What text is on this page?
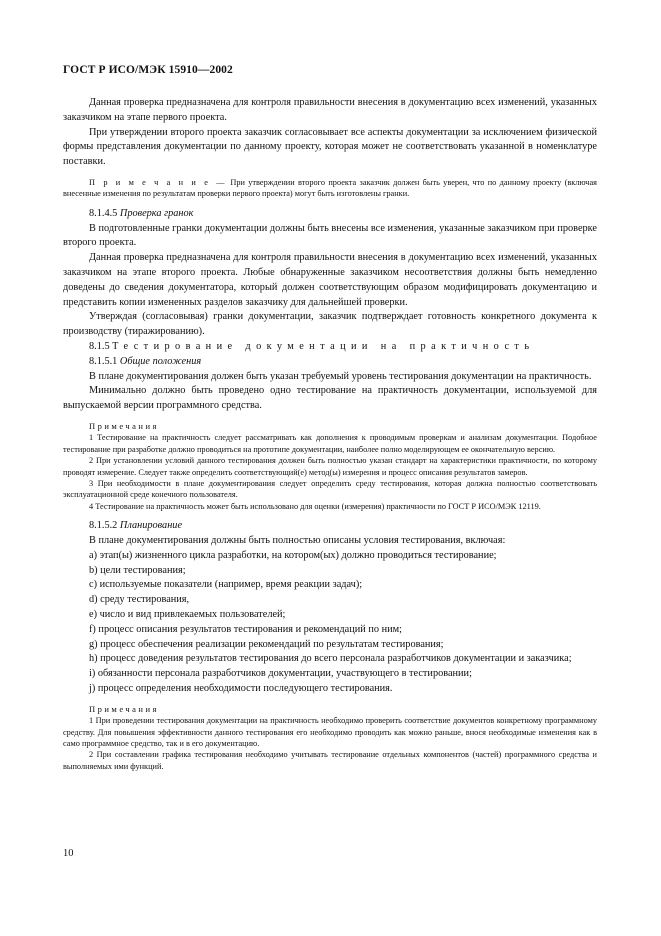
ГОСТ Р ИСО/МЭК 15910—2002

Данная проверка предназначена для контроля правильности внесения в документацию всех изменений, указанных заказчиком на этапе первого проекта.

При утверждении второго проекта заказчик согласовывает все аспекты документации за исключением физической формы представления документации по данному проекту, которая может не соответствовать указанной в номенклатуре поставки.

П р и м е ч а н и е — При утверждении второго проекта заказчик должен быть уверен, что по данному проекту (включая внесенные изменения по результатам проверки первого проекта) могут быть изготовлены гранки.

8.1.4.5 Проверка гранок

В подготовленные гранки документации должны быть внесены все изменения, указанные заказчиком при проверке второго проекта.

Данная проверка предназначена для контроля правильности внесения в документацию всех изменений, указанных заказчиком на этапе второго проекта. Любые обнаруженные заказчиком несоответствия должны быть немедленно доведены до сведения документатора, который должен соответствующим образом модифицировать документацию и представить копии измененных разделов заказчику для дальнейшей проверки.

Утверждая (согласовывая) гранки документации, заказчик подтверждает готовность конкретного документа к производству (тиражированию).

8.1.5 Тестирование документации на практичность

8.1.5.1 Общие положения

В плане документирования должен быть указан требуемый уровень тестирования документации на практичность.

Минимально должно быть проведено одно тестирование на практичность документации, используемой для выпускаемой версии программного средства.

Примечания

1 Тестирование на практичность следует рассматривать как дополнения к проводимым проверкам и анализам документации. Подобное тестирование при разработке должно проводиться на прототипе документации, наиболее полно моделирующем ее окончательную версию.

2 При установлении условий данного тестирования должен быть полностью указан стандарт на характеристики практичности, по которому проводят измерение. Следует также определить соответствующий(е) метод(ы) измерения и процесс описания результатов замеров.

3 При необходимости в плане документирования следует определить среду тестирования, которая должна полностью соответствовать эксплуатационной среде конечного пользователя.

4 Тестирование на практичность может быть использовано для оценки (измерения) практичности по ГОСТ Р ИСО/МЭК 12119.

8.1.5.2 Планирование

В плане документирования должны быть полностью описаны условия тестирования, включая:

а) этап(ы) жизненного цикла разработки, на котором(ых) должно проводиться тестирование;

b) цели тестирования;

c) используемые показатели (например, время реакции задач);

d) среду тестирования,

e) число и вид привлекаемых пользователей;

f) процесс описания результатов тестирования и рекомендаций по ним;

g) процесс обеспечения реализации рекомендаций по результатам тестирования;

h) процесс доведения результатов тестирования до всего персонала разработчиков документации и заказчика;

i) обязанности персонала разработчиков документации, участвующего в тестировании;

j) процесс определения необходимости последующего тестирования.

Примечания

1 При проведении тестирования документации на практичность необходимо проверить соответствие документов конкретному программному средству. Для повышения эффективности данного тестирования его необходимо проводить как можно раньше, внося необходимые изменения как в само программное средство, так и в его документацию.

2 При составлении графика тестирования необходимо учитывать тестирование отдельных компонентов (частей) программного средства и выполняемых ими функций.

10
